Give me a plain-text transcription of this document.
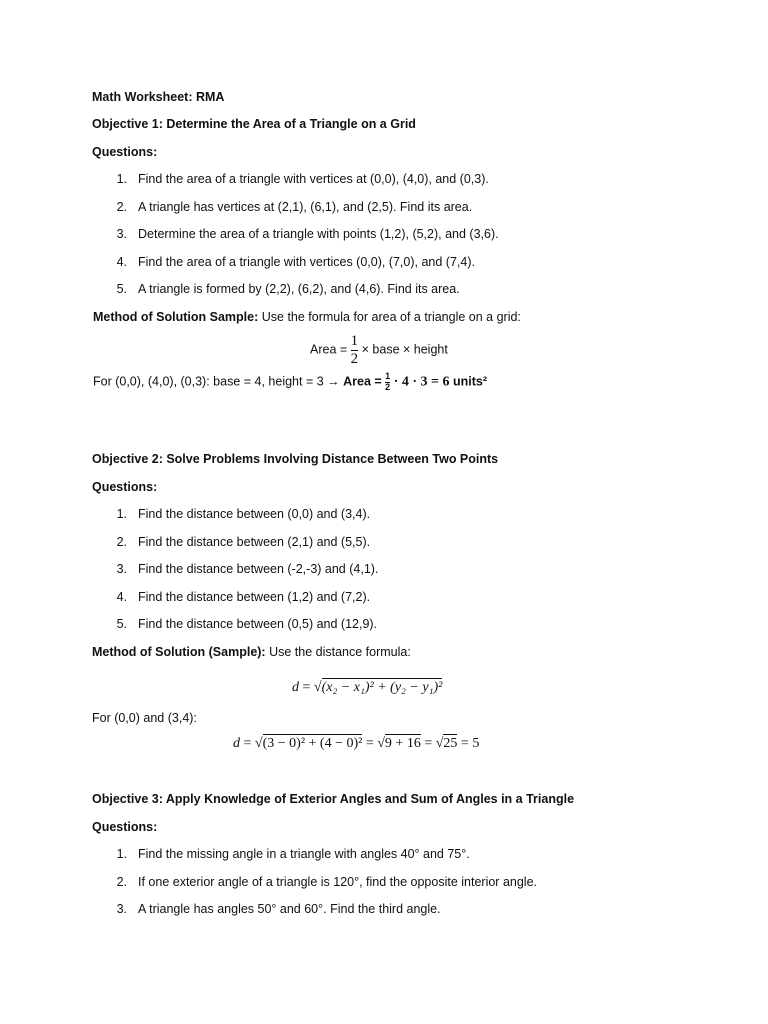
Math Worksheet: RMA
Objective 1: Determine the Area of a Triangle on a Grid
Questions:
1. Find the area of a triangle with vertices at (0,0), (4,0), and (0,3).
2. A triangle has vertices at (2,1), (6,1), and (2,5). Find its area.
3. Determine the area of a triangle with points (1,2), (5,2), and (3,6).
4. Find the area of a triangle with vertices (0,0), (7,0), and (7,4).
5. A triangle is formed by (2,2), (6,2), and (4,6). Find its area.
Method of Solution Sample: Use the formula for area of a triangle on a grid:
Area = $\frac{1}{2}$ × base × height
For (0,0), (4,0), (0,3): base = 4, height = 3 → Area = $\frac{1}{2} \cdot 4 \cdot 3 = 6$ units²
Objective 2: Solve Problems Involving Distance Between Two Points
Questions:
1. Find the distance between (0,0) and (3,4).
2. Find the distance between (2,1) and (5,5).
3. Find the distance between (-2,-3) and (4,1).
4. Find the distance between (1,2) and (7,2).
5. Find the distance between (0,5) and (12,9).
Method of Solution (Sample): Use the distance formula:
d = √(x₂ − x₁)² + (y₂ − y₁)²
For (0,0) and (3,4):
d = √(3 − 0)² + (4 − 0)² = √9 + 16 = √25 = 5
Objective 3: Apply Knowledge of Exterior Angles and Sum of Angles in a Triangle
Questions:
1. Find the missing angle in a triangle with angles 40° and 75°.
2. If one exterior angle of a triangle is 120°, find the opposite interior angle.
3. A triangle has angles 50° and 60°. Find the third angle.
